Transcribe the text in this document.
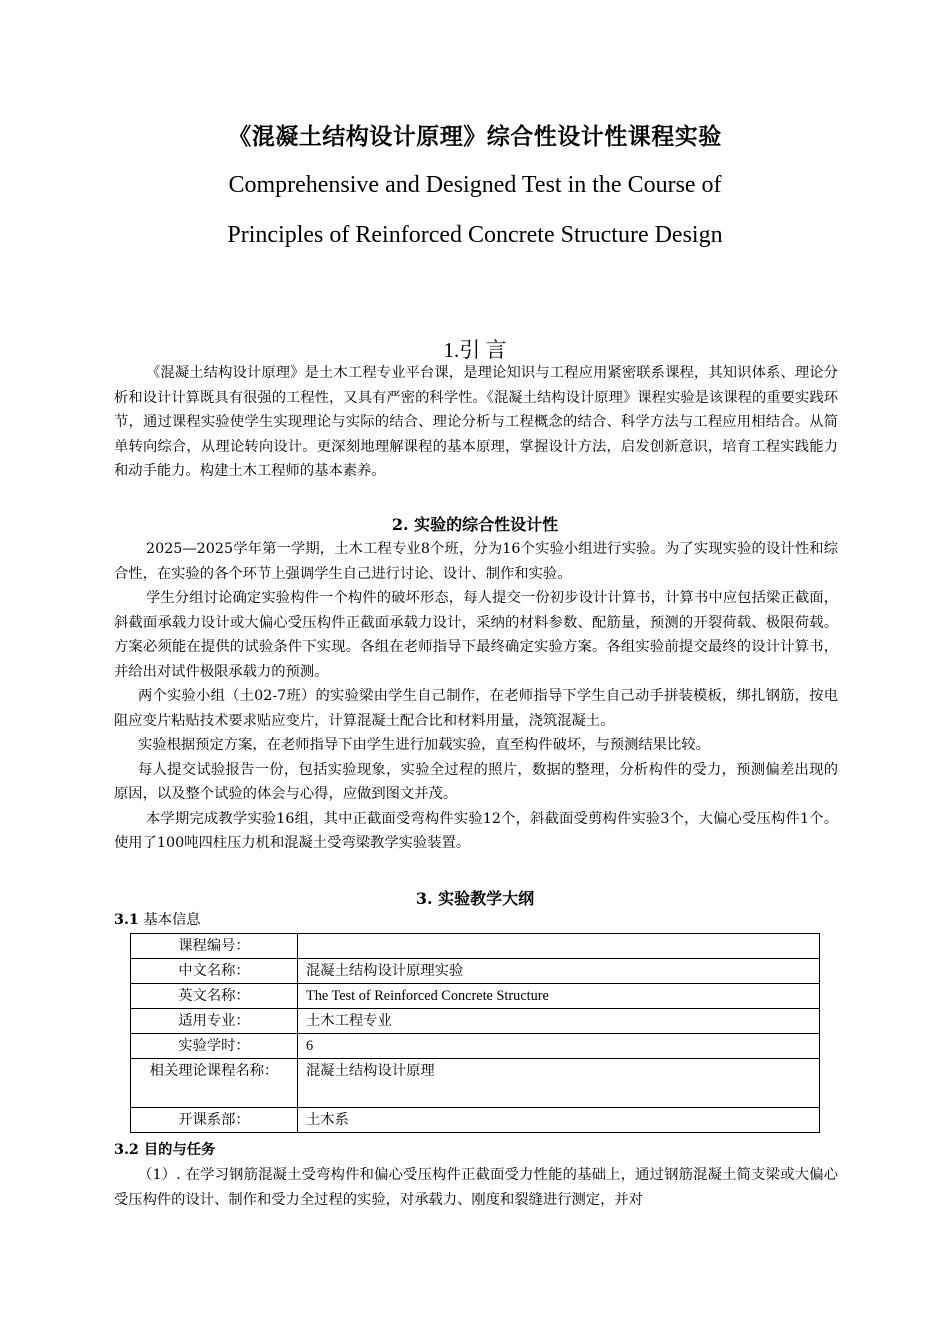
《混凝土结构设计原理》综合性设计性课程实验
Comprehensive and Designed Test in the Course of
Principles of Reinforced Concrete Structure Design
1.引 言

《混凝土结构设计原理》是土木工程专业平台课，是理论知识与工程应用紧密联系课程，其知识体系、理论分析和设计计算既具有很强的工程性，又具有严密的科学性。《混凝土结构设计原理》课程实验是该课程的重要实践环节，通过课程实验使学生实现理论与实际的结合、理论分析与工程概念的结合、科学方法与工程应用相结合。从简单转向综合，从理论转向设计。更深刻地理解课程的基本原理，掌握设计方法，启发创新意识，培育工程实践能力和动手能力。构建土木工程师的基本素养。

2. 实验的综合性设计性

2025—2025学年第一学期，土木工程专业8个班，分为16个实验小组进行实验。为了实现实验的设计性和综合性，在实验的各个环节上强调学生自己进行讨论、设计、制作和实验。

学生分组讨论确定实验构件一个构件的破坏形态，每人提交一份初步设计计算书，计算书中应包括梁正截面，斜截面承载力设计或大偏心受压构件正截面承载力设计，采纳的材料参数、配筋量，预测的开裂荷载、极限荷载。方案必须能在提供的试验条件下实现。各组在老师指导下最终确定实验方案。各组实验前提交最终的设计计算书，并给出对试件极限承载力的预测。

两个实验小组（土02-7班）的实验梁由学生自己制作，在老师指导下学生自己动手拼装模板，绑扎钢筋，按电阻应变片粘贴技术要求贴应变片，计算混凝土配合比和材料用量，浇筑混凝土。

实验根据预定方案，在老师指导下由学生进行加载实验，直至构件破坏，与预测结果比较。

每人提交试验报告一份，包括实验现象，实验全过程的照片，数据的整理，分析构件的受力，预测偏差出现的原因，以及整个试验的体会与心得，应做到图文并茂。

本学期完成教学实验16组，其中正截面受弯构件实验12个，斜截面受剪构件实验3个，大偏心受压构件1个。使用了100吨四柱压力机和混凝土受弯梁教学实验装置。

3. 实验教学大纲
3.1 基本信息
课程编号：	
中文名称：	混凝土结构设计原理实验
英文名称：	The Test of Reinforced Concrete Structure
适用专业：	土木工程专业
实验学时：	6
相关理论课程名称：	混凝土结构设计原理
开课系部：	土木系
3.2 目的与任务

（1）. 在学习钢筋混凝土受弯构件和偏心受压构件正截面受力性能的基础上，通过钢筋混凝土简支梁或大偏心受压构件的设计、制作和受力全过程的实验，对承载力、刚度和裂缝进行测定，并对
